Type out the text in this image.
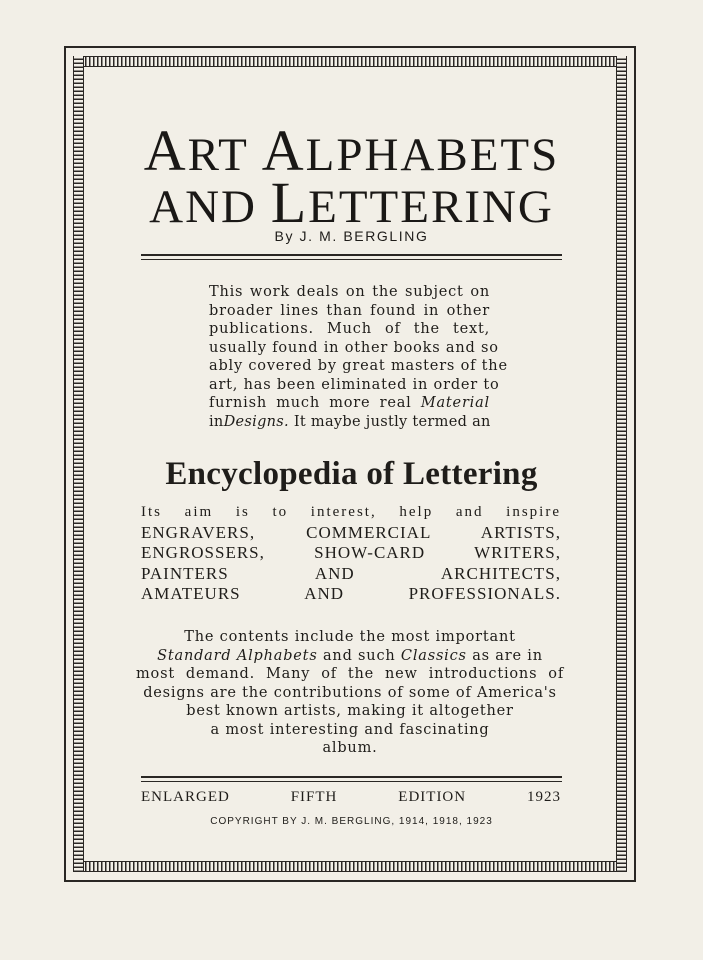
ART ALPHABETS
AND LETTERING
By J. M. BERGLING
This work deals on the subject on
broader lines than found in other
publications. Much of the text,
usually found in other books and so
ably covered by great masters of the
art, has been eliminated in order to
furnish much more real Material
inDesigns. It maybe justly termed an
Encyclopedia of Lettering
Its aim is to interest, help and inspire
ENGRAVERS, COMMERCIAL ARTISTS,
ENGROSSERS, SHOW-CARD WRITERS,
PAINTERS AND ARCHITECTS,
AMATEURS AND PROFESSIONALS.
The contents include the most important
Standard Alphabets and such Classics as are in
most demand. Many of the new introductions of
designs are the contributions of some of America's
best known artists, making it altogether
a most interesting and fascinating
album.
ENLARGED FIFTH EDITION 1923
COPYRIGHT BY J. M. BERGLING, 1914, 1918, 1923
